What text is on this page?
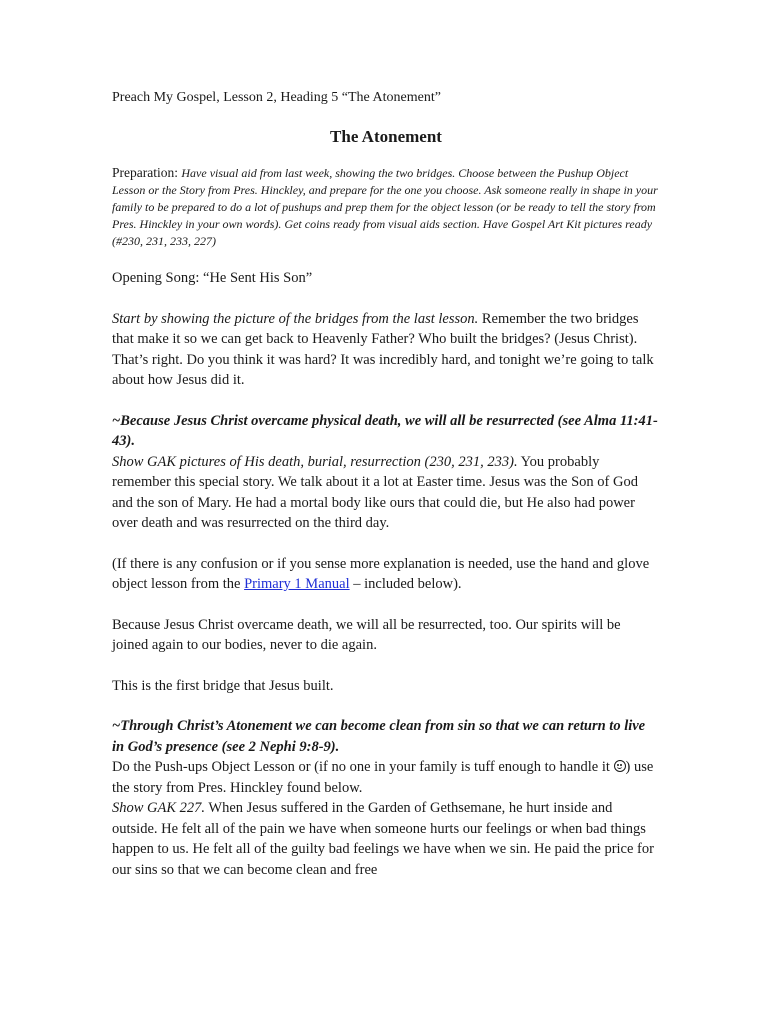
Preach My Gospel, Lesson 2, Heading 5 “The Atonement”

The Atonement

Preparation: Have visual aid from last week, showing the two bridges. Choose between the Pushup Object Lesson or the Story from Pres. Hinckley, and prepare for the one you choose. Ask someone really in shape in your family to be prepared to do a lot of pushups and prep them for the object lesson (or be ready to tell the story from Pres. Hinckley in your own words). Get coins ready from visual aids section. Have Gospel Art Kit pictures ready (#230, 231, 233, 227)

Opening Song: “He Sent His Son”

Start by showing the picture of the bridges from the last lesson. Remember the two bridges that make it so we can get back to Heavenly Father? Who built the bridges? (Jesus Christ). That’s right. Do you think it was hard? It was incredibly hard, and tonight we’re going to talk about how Jesus did it.

~Because Jesus Christ overcame physical death, we will all be resurrected (see Alma 11:41-43).
Show GAK pictures of His death, burial, resurrection (230, 231, 233). You probably remember this special story. We talk about it a lot at Easter time. Jesus was the Son of God and the son of Mary. He had a mortal body like ours that could die, but He also had power over death and was resurrected on the third day.

(If there is any confusion or if you sense more explanation is needed, use the hand and glove object lesson from the Primary 1 Manual – included below).

Because Jesus Christ overcame death, we will all be resurrected, too. Our spirits will be joined again to our bodies, never to die again.

This is the first bridge that Jesus built.

~Through Christ’s Atonement we can become clean from sin so that we can return to live in God’s presence (see 2 Nephi 9:8-9).
Do the Push-ups Object Lesson or (if no one in your family is tuff enough to handle it
) use the story from Pres. Hinckley found below.
Show GAK 227. When Jesus suffered in the Garden of Gethsemane, he hurt inside and outside. He felt all of the pain we have when someone hurts our feelings or when bad things happen to us. He felt all of the guilty bad feelings we have when we sin. He paid the price for our sins so that we can become clean and free
